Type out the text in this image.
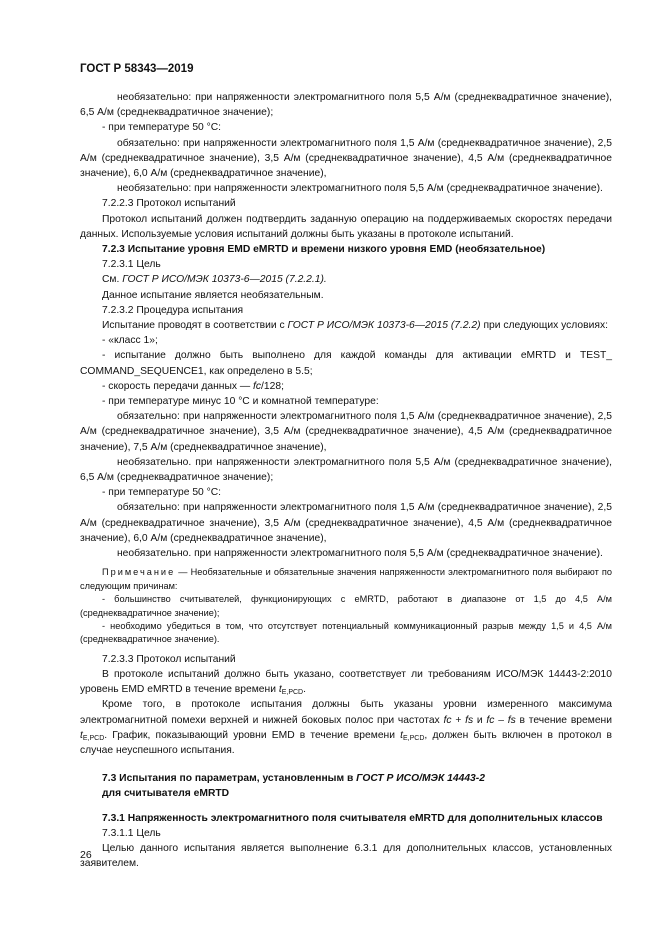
ГОСТ Р 58343—2019

необязательно: при напряженности электромагнитного поля 5,5 А/м (среднеквадратичное значение), 6,5 А/м (среднеквадратичное значение);

- при температуре 50 °С:

обязательно: при напряженности электромагнитного поля 1,5 А/м (среднеквадратичное значение), 2,5 А/м (среднеквадратичное значение), 3,5 А/м (среднеквадратичное значение), 4,5 А/м (среднеквадратичное значение), 6,0 А/м (среднеквадратичное значение),

необязательно: при напряженности электромагнитного поля 5,5 А/м (среднеквадратичное значение).

7.2.2.3 Протокол испытаний

Протокол испытаний должен подтвердить заданную операцию на поддерживаемых скоростях передачи данных. Используемые условия испытаний должны быть указаны в протоколе испытаний.

7.2.3 Испытание уровня EMD eMRTD и времени низкого уровня EMD (необязательное)

7.2.3.1 Цель

См. ГОСТ Р ИСО/МЭК 10373-6—2015 (7.2.2.1).

Данное испытание является необязательным.

7.2.3.2 Процедура испытания

Испытание проводят в соответствии с ГОСТ Р ИСО/МЭК 10373-6—2015 (7.2.2) при следующих условиях:

- «класс 1»;

- испытание должно быть выполнено для каждой команды для активации eMRTD и TEST_ COMMAND_SEQUENCE1, как определено в 5.5;

- скорость передачи данных — fc/128;

- при температуре минус 10 °С и комнатной температуре:

обязательно: при напряженности электромагнитного поля 1,5 А/м (среднеквадратичное значение), 2,5 А/м (среднеквадратичное значение), 3,5 А/м (среднеквадратичное значение), 4,5 А/м (среднеквадратичное значение), 7,5 А/м (среднеквадратичное значение),

необязательно. при напряженности электромагнитного поля 5,5 А/м (среднеквадратичное значение), 6,5 А/м (среднеквадратичное значение);

- при температуре 50 °С:

обязательно: при напряженности электромагнитного поля 1,5 А/м (среднеквадратичное значение), 2,5 А/м (среднеквадратичное значение), 3,5 А/м (среднеквадратичное значение), 4,5 А/м (среднеквадратичное значение), 6,0 А/м (среднеквадратичное значение),

необязательно. при напряженности электромагнитного поля 5,5 А/м (среднеквадратичное значение).

Примечание — Необязательные и обязательные значения напряженности электромагнитного поля выбирают по следующим причинам:

- большинство считывателей, функционирующих с eMRTD, работают в диапазоне от 1,5 до 4,5 А/м (среднеквадратичное значение);

- необходимо убедиться в том, что отсутствует потенциальный коммуникационный разрыв между 1,5 и 4,5 А/м (среднеквадратичное значение).

7.2.3.3 Протокол испытаний

В протоколе испытаний должно быть указано, соответствует ли требованиям ИСО/МЭК 14443-2:2010 уровень EMD eMRTD в течение времени $t_{E,PCD}$.

Кроме того, в протоколе испытания должны быть указаны уровни измеренного максимума электромагнитной помехи верхней и нижней боковых полос при частотах fc + fs и fc – fs в течение времени $t_{E,PCD}$. График, показывающий уровни EMD в течение времени $t_{E,PCD}$, должен быть включен в протокол в случае неуспешного испытания.

7.3 Испытания по параметрам, установленным в ГОСТ Р ИСО/МЭК 14443-2

для считывателя eMRTD

7.3.1 Напряженность электромагнитного поля считывателя eMRTD для дополнительных классов

7.3.1.1 Цель

Целью данного испытания является выполнение 6.3.1 для дополнительных классов, установленных заявителем.

26
